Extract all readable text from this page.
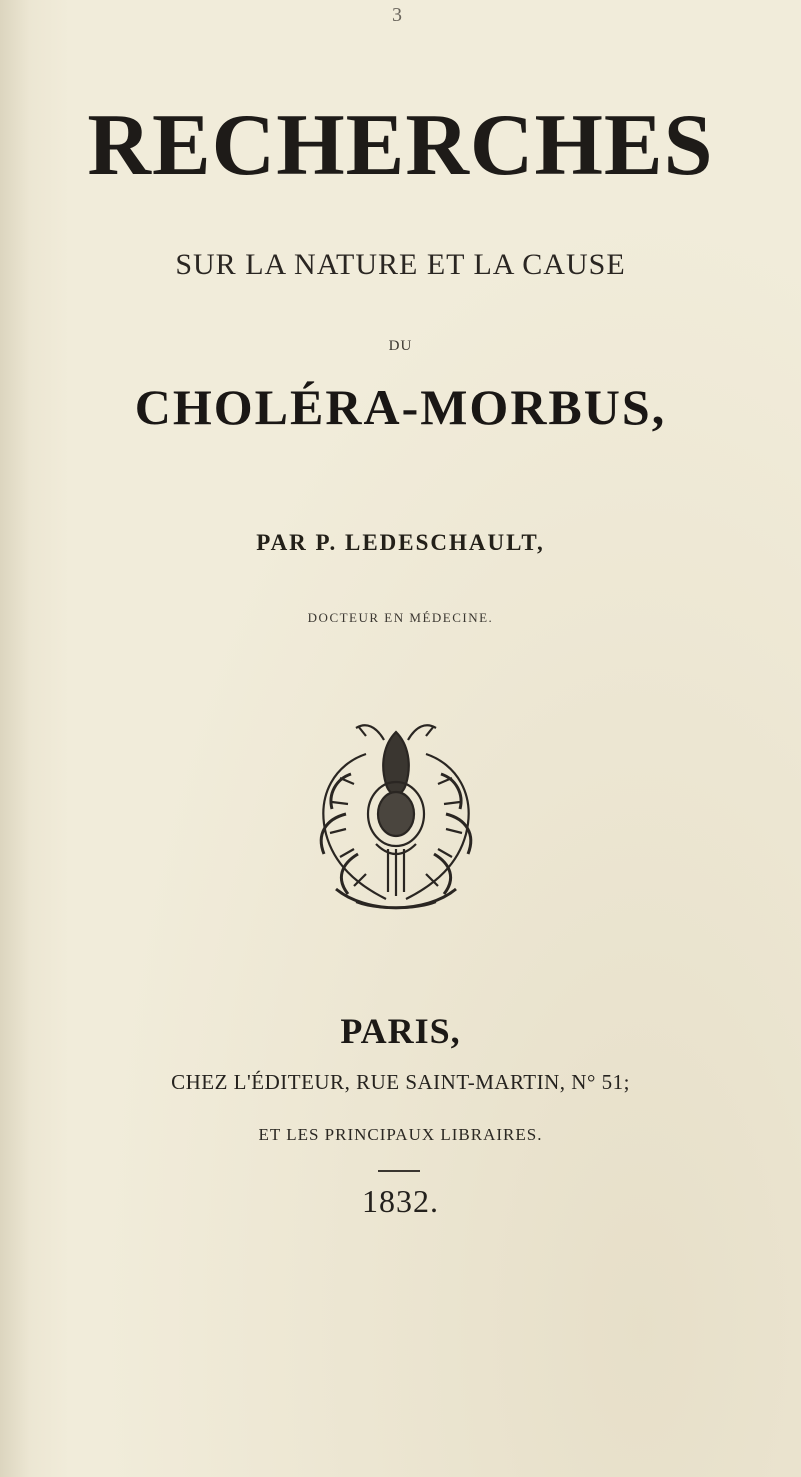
3
RECHERCHES
SUR LA NATURE ET LA CAUSE
DU
CHOLÉRA-MORBUS,
PAR P. LEDESCHAULT,
DOCTEUR EN MÉDECINE.
PARIS,
CHEZ L'ÉDITEUR, RUE SAINT-MARTIN, N° 51;
ET LES PRINCIPAUX LIBRAIRES.
1832.
